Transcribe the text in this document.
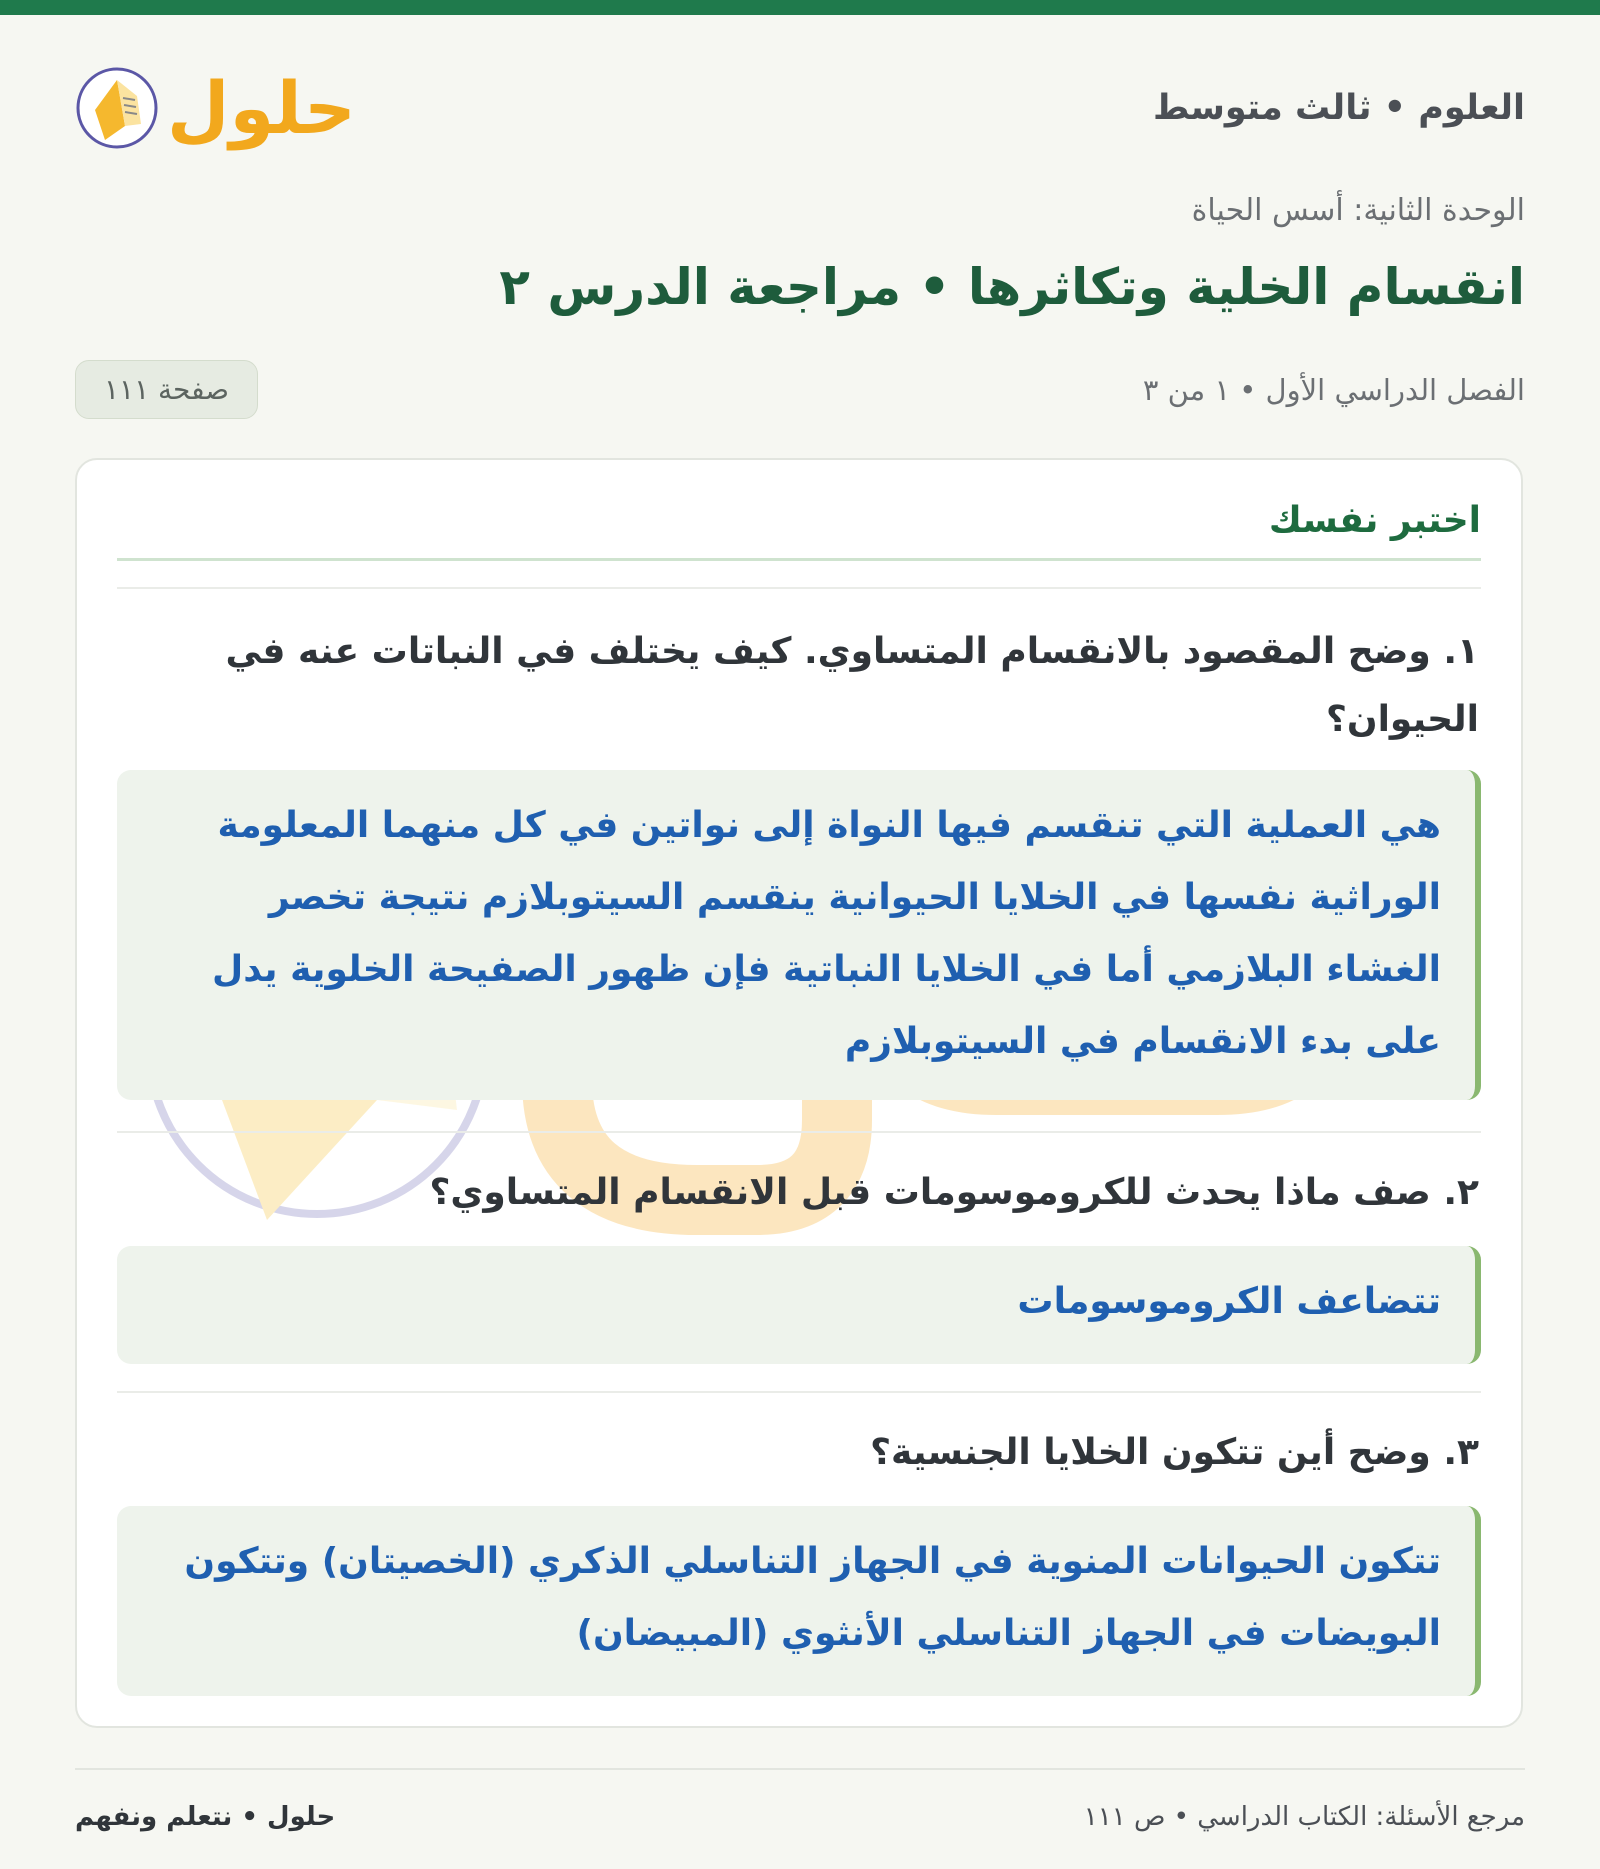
العلوم • ثالث متوسط
حلول
الوحدة الثانية: أسس الحياة
انقسام الخلية وتكاثرها • مراجعة الدرس ٢
الفصل الدراسي الأول • ١ من ٣
صفحة ١١١
اختبر نفسك

١. وضح المقصود بالانقسام المتساوي. كيف يختلف في النباتات عنه في الحيوان؟

هي العملية التي تنقسم فيها النواة إلى نواتين في كل منهما المعلومة الوراثية نفسها في الخلايا الحيوانية ينقسم السيتوبلازم نتيجة تخصر الغشاء البلازمي أما في الخلايا النباتية فإن ظهور الصفيحة الخلوية يدل على بدء الانقسام في السيتوبلازم

٢. صف ماذا يحدث للكروموسومات قبل الانقسام المتساوي؟

تتضاعف الكروموسومات

٣. وضح أين تتكون الخلايا الجنسية؟

تتكون الحيوانات المنوية في الجهاز التناسلي الذكري (الخصيتان) وتتكون البويضات في الجهاز التناسلي الأنثوي (المبيضان)
مرجع الأسئلة: الكتاب الدراسي • ص ١١١
حلول • نتعلم ونفهم
